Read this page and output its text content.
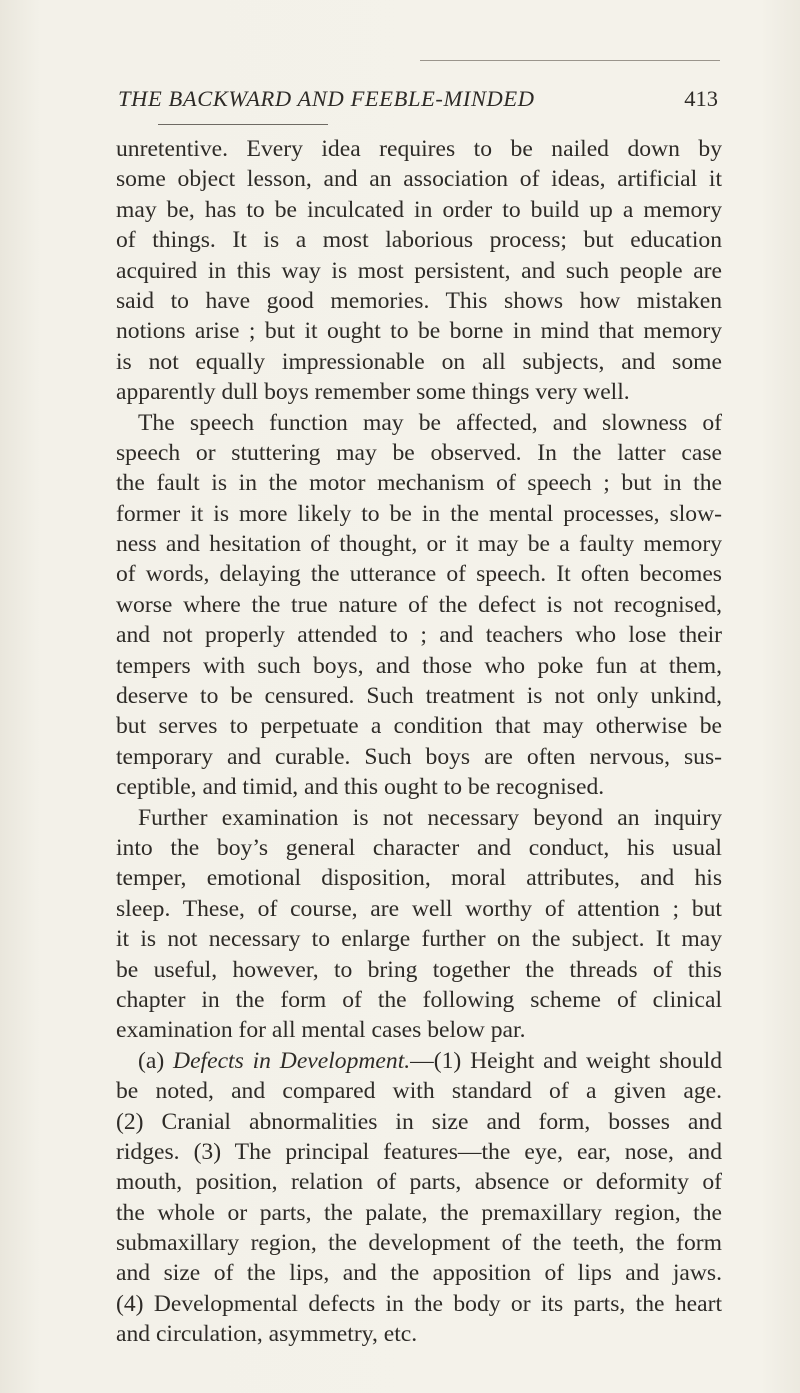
THE BACKWARD AND FEEBLE-MINDED	413
unretentive. Every idea requires to be nailed down by
some object lesson, and an association of ideas, artificial it
may be, has to be inculcated in order to build up a memory
of things. It is a most laborious process; but education
acquired in this way is most persistent, and such people are
said to have good memories. This shows how mistaken
notions arise ; but it ought to be borne in mind that memory
is not equally impressionable on all subjects, and some
apparently dull boys remember some things very well.
The speech function may be affected, and slowness of
speech or stuttering may be observed. In the latter case
the fault is in the motor mechanism of speech ; but in the
former it is more likely to be in the mental processes, slow-
ness and hesitation of thought, or it may be a faulty memory
of words, delaying the utterance of speech. It often becomes
worse where the true nature of the defect is not recognised,
and not properly attended to ; and teachers who lose their
tempers with such boys, and those who poke fun at them,
deserve to be censured. Such treatment is not only unkind,
but serves to perpetuate a condition that may otherwise be
temporary and curable. Such boys are often nervous, sus-
ceptible, and timid, and this ought to be recognised.
Further examination is not necessary beyond an inquiry
into the boy’s general character and conduct, his usual
temper, emotional disposition, moral attributes, and his
sleep. These, of course, are well worthy of attention ; but
it is not necessary to enlarge further on the subject. It may
be useful, however, to bring together the threads of this
chapter in the form of the following scheme of clinical
examination for all mental cases below par.
(a) Defects in Development.—(1) Height and weight should
be noted, and compared with standard of a given age.
(2) Cranial abnormalities in size and form, bosses and
ridges. (3) The principal features—the eye, ear, nose, and
mouth, position, relation of parts, absence or deformity of
the whole or parts, the palate, the premaxillary region, the
submaxillary region, the development of the teeth, the form
and size of the lips, and the apposition of lips and jaws.
(4) Developmental defects in the body or its parts, the heart
and circulation, asymmetry, etc.
